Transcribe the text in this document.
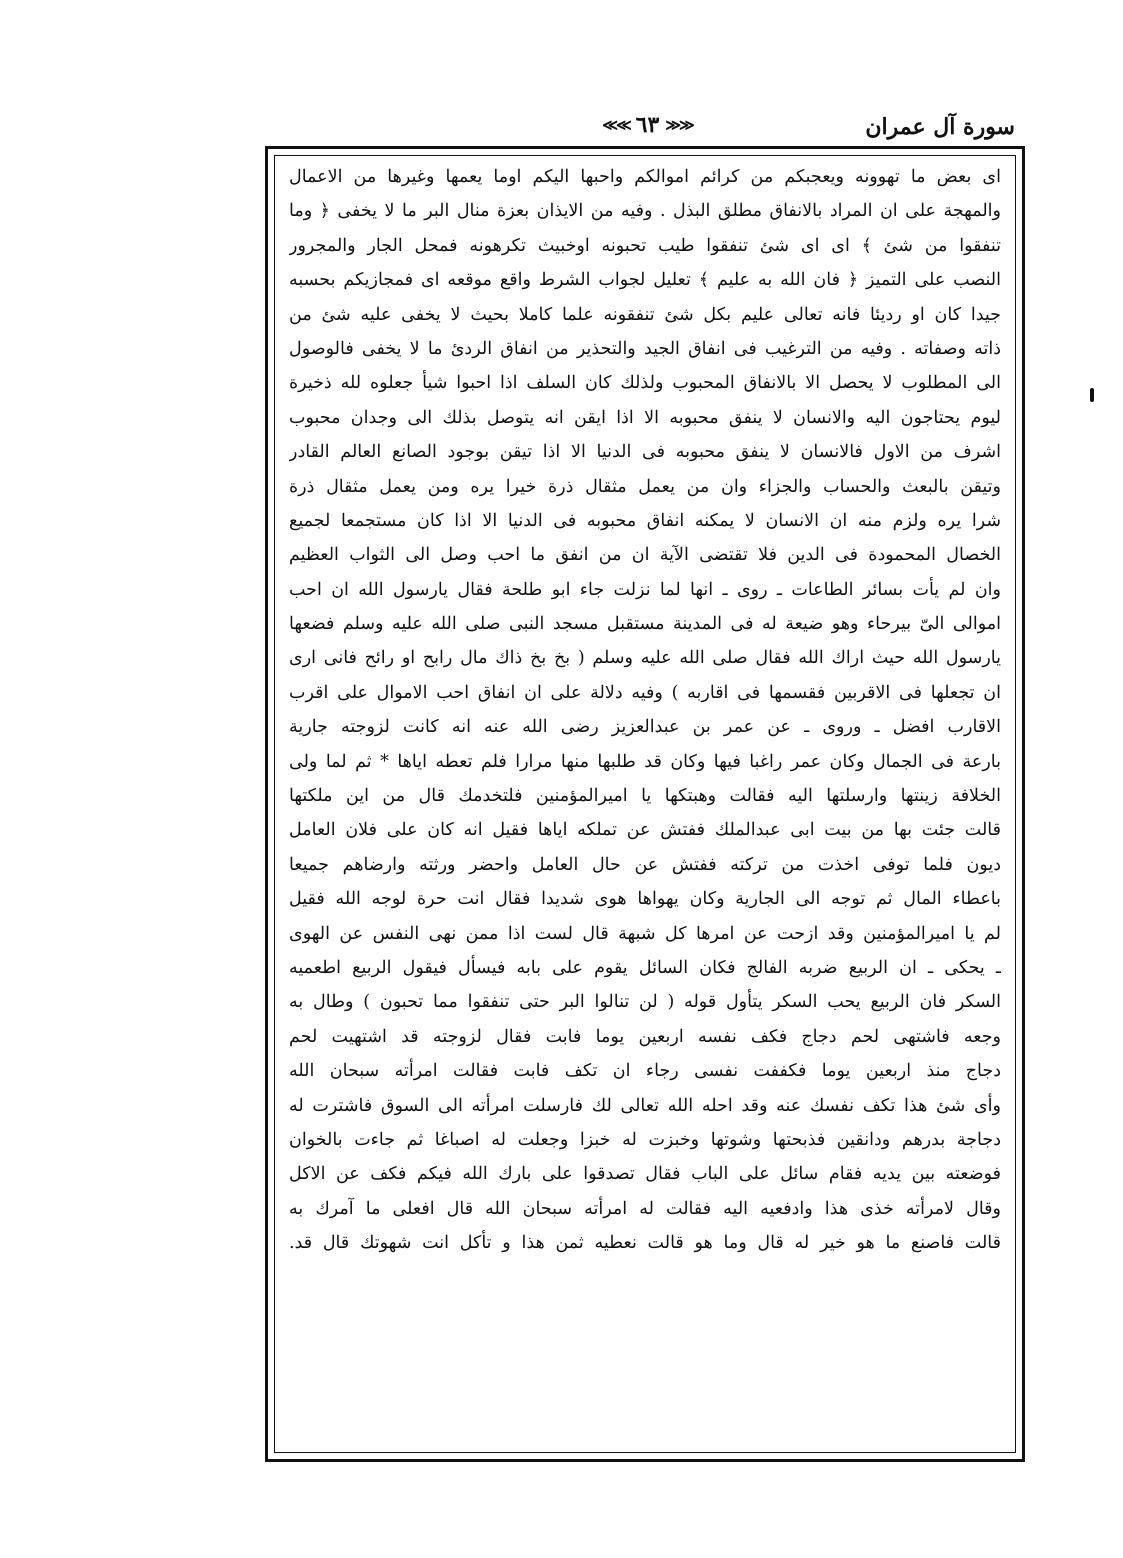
سورة آل عمران
≪≪ ٦٣ ≫≫
اى بعض ما تهوونه ويعجبكم من كرائم اموالكم واحبها اليكم اوما يعمها وغيرها من الاعمال
والمهجة على ان المراد بالانفاق مطلق البذل . وفيه من الايذان بعزة منال البر ما لا يخفى ﴿ وما
تنفقوا من شئ ﴾ اى اى شئ تنفقوا طيب تحبونه اوخبيث تكرهونه فمحل الجار والمجرور
النصب على التميز ﴿ فان الله به عليم ﴾ تعليل لجواب الشرط واقع موقعه اى فمجازيكم بحسبه
جيدا كان او رديئا فانه تعالى عليم بكل شئ تنفقونه علما كاملا بحيث لا يخفى عليه شئ من
ذاته وصفاته . وفيه من الترغيب فى انفاق الجيد والتحذير من انفاق الردئ ما لا يخفى فالوصول
الى المطلوب لا يحصل الا بالانفاق المحبوب ولذلك كان السلف اذا احبوا شيأ جعلوه لله ذخيرة
ليوم يحتاجون اليه والانسان لا ينفق محبوبه الا اذا ايقن انه يتوصل بذلك الى وجدان محبوب
اشرف من الاول فالانسان لا ينفق محبوبه فى الدنيا الا اذا تيقن بوجود الصانع العالم القادر
وتيقن بالبعث والحساب والجزاء وان من يعمل مثقال ذرة خيرا يره ومن يعمل مثقال ذرة
شرا يره ولزم منه ان الانسان لا يمكنه انفاق محبوبه فى الدنيا الا اذا كان مستجمعا لجميع
الخصال المحمودة فى الدين فلا تقتضى الآية ان من انفق ما احب وصل الى الثواب العظيم
وان لم يأت بسائر الطاعات ـ روى ـ انها لما نزلت جاء ابو طلحة فقال يارسول الله ان احب
اموالى الىّ بيرحاء وهو ضيعة له فى المدينة مستقبل مسجد النبى صلى الله عليه وسلم فضعها
يارسول الله حيث اراك الله فقال صلى الله عليه وسلم ( بخ بخ ذاك مال رابح او رائح فانى ارى
ان تجعلها فى الاقربين فقسمها فى اقاربه ) وفيه دلالة على ان انفاق احب الاموال على اقرب
الاقارب افضل ـ وروى ـ عن عمر بن عبدالعزيز رضى الله عنه انه كانت لزوجته جارية
بارعة فى الجمال وكان عمر راغبا فيها وكان قد طلبها منها مرارا فلم تعطه اياها * ثم لما ولى
الخلافة زينتها وارسلتها اليه فقالت وهبتكها يا اميرالمؤمنين فلتخدمك قال من اين ملكتها
قالت جئت بها من بيت ابى عبدالملك ففتش عن تملكه اياها فقيل انه كان على فلان العامل
ديون فلما توفى اخذت من تركته ففتش عن حال العامل واحضر ورثته وارضاهم جميعا
باعطاء المال ثم توجه الى الجارية وكان يهواها هوى شديدا فقال انت حرة لوجه الله فقيل
لم يا اميرالمؤمنين وقد ازحت عن امرها كل شبهة قال لست اذا ممن نهى النفس عن الهوى
ـ يحكى ـ ان الربيع ضربه الفالج فكان السائل يقوم على بابه فيسأل فيقول الربيع اطعميه
السكر فان الربيع يحب السكر يتأول قوله ( لن تنالوا البر حتى تنفقوا مما تحبون ) وطال به
وجعه فاشتهى لحم دجاج فكف نفسه اربعين يوما فابت فقال لزوجته قد اشتهيت لحم
دجاج منذ اربعين يوما فكففت نفسى رجاء ان تكف فابت فقالت امرأته سبحان الله
وأى شئ هذا تكف نفسك عنه وقد احله الله تعالى لك فارسلت امرأته الى السوق فاشترت له
دجاجة بدرهم ودانقين فذبحتها وشوتها وخبزت له خبزا وجعلت له اصباغا ثم جاءت بالخوان
فوضعته بين يديه فقام سائل على الباب فقال تصدقوا على بارك الله فيكم فكف عن الاكل
وقال لامرأته خذى هذا وادفعيه اليه فقالت له امرأته سبحان الله قال افعلى ما آمرك به
قالت فاصنع ما هو خير له قال وما هو قالت نعطيه ثمن هذا و تأكل انت شهوتك قال قد.
